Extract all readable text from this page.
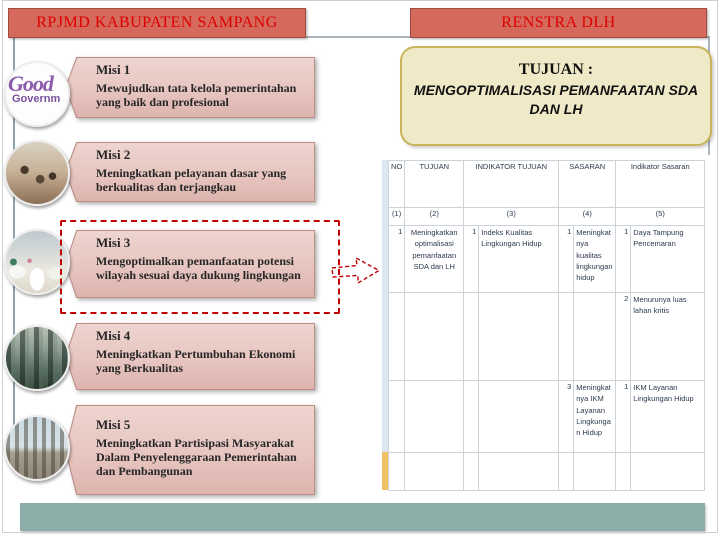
RPJMD KABUPATEN SAMPANG	RENSTRA DLH
TUJUAN :
MENGOPTIMALISASI PEMANFAATAN SDA DAN LH
NO	TUJUAN	INDIKATOR TUJUAN		SASARAN		Indikator Sasaran	
(1)	(2)	(3)		(4)		(5)	
1	Meningkatkan optimalisasi pemanfaatan SDA dan LH	1	Indeks Kualitas Lingkungan Hidup	1	Meningkatnya kualitas lingkungan hidup	1	Daya Tampung Pencemaran
						2	Menurunya luas lahan kritis
				3	Meningkatnya IKM Layanan Lingkungan Hidup	1	IKM Layanan Lingkungan Hidup

Misi 1
Mewujudkan tata kelola pemerintahan yang baik dan profesional
Misi 2
Meningkatkan pelayanan dasar yang berkualitas dan terjangkau
Misi 3
Mengoptimalkan pemanfaatan potensi wilayah sesuai daya dukung lingkungan
Misi 4
Meningkatkan Pertumbuhan Ekonomi yang Berkualitas
Misi 5
Meningkatkan Partisipasi Masyarakat Dalam Penyelenggaraan Pemerintahan dan Pembangunan
Good
Governm
